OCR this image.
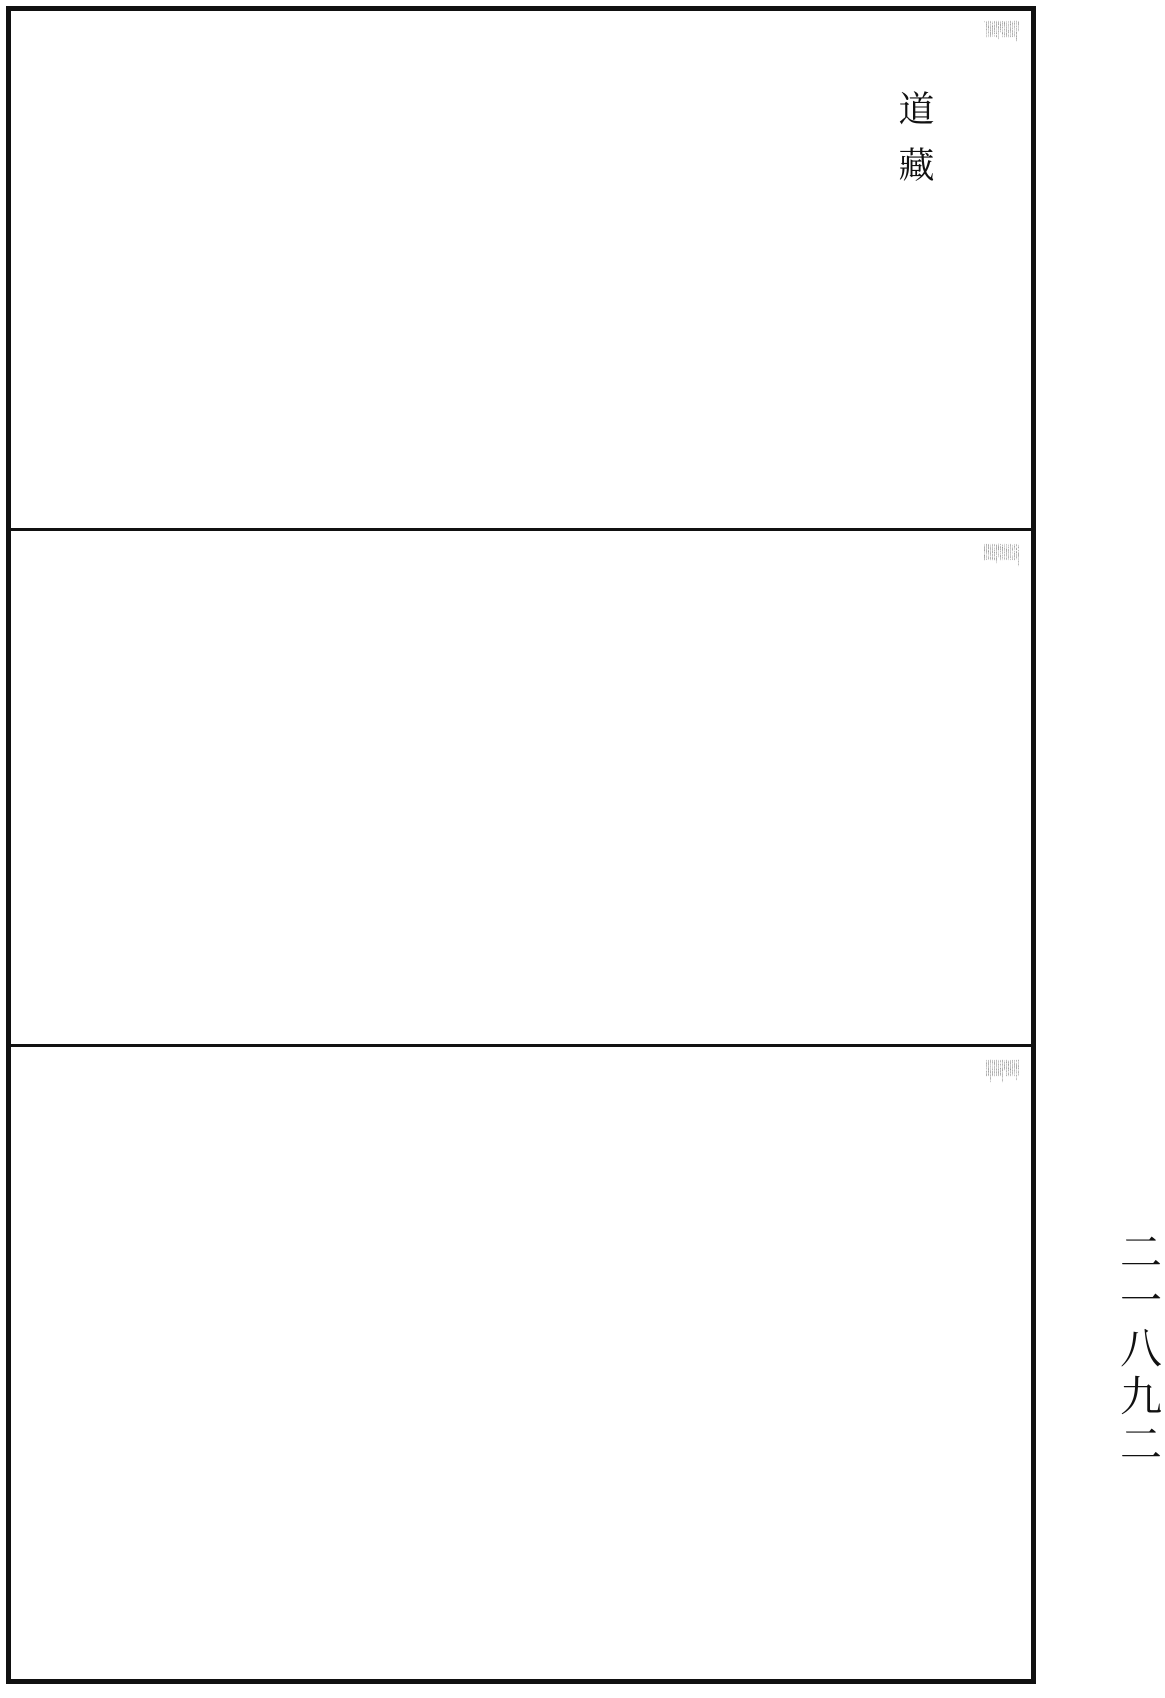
道藏
非遇真師口訣不可知也
驚起東方玉童子水府求玄倒騎白鹿如星馳坎取
驚起者薰烝也從下而上也東方者甲木
生火於寅位也玉童子者流意飛神也倒
騎者逆轉也白鹿者煉精化爲白炁也總
而言之凡作丹入室之時性君主内流意
沉下水府重蒸存中根候陽火漸熾舉動
上頭關挾從寅至已流戊土督進陽火迫
逐金精直透三關上入南宫補離中之陰
是成乾象則要如星馳之速
逡巡別轉一般樂出有入無也非笙兮也非角
逡巡者杜漸也從上而下也引轉一般樂
者此言六陽會乾陽無終極之理一陰生
于五陽之下繼此以往則當杜漸自午至
亥以巳土退陰符從金闕下鵲橋華池滂
滂沛沛入重樓絳宫直送至坤宫土釜而
止産箇明珠似月之圓非笙非角之可比
也
三尺雲璈十二徽三花聚鼎歷刦年中混元斵五炁朝元
此承上云別轉一般樂之意於此故云三
尺雲璈者乃言三般大藥歸鼎妙合凝真
一息工夫即奪回一年十二月造化丹經
所謂簇年歸月簇月歸日簇日歸時一時
之中只用二候運行週天符火採藥入室
以行内事混融煆煉結成聖胎乃曰歷刦
年中混元斵也度人經云中理五炁混合
百神十轉回靈萬炁齊仙了真子故曰大
藥三般精氣神天然子母互相親回風混
合歸真體煆鍊工夫日日新是也
玉韻琅琅絕鄭音天無四知一貫清偏貫達人心
此承上云混元斵之義於此故云玉韻琅
琅者乃得其真火煆煉之功脫去其舊染
之汙是得神和而氣和如舜韶之純翕從
此絕其鄭聲之淫覺吾身中土皆作碧玉
無有異色自然徧貫達於人心也度人經
云金真朗郁流響雲營玉音攝氣靈風聚
煙是也若非真傳實踐工夫知如是妙乎
我從一得鬼神輔無魔干犯入地上天超古今由我
此言丹道圓成變化自在則宇宙在乎我
萬化歸乎身到此地位陰陽由我運五行
由我役風雨由我召雷霆由我呼是以現
大身徧微塵藏小身載須彌于是鬼神莫
測其機自得束首侍衛入其地上其天超
古今總在我應化無窮也
縱横自在無拘束不被形縛心不貪榮身不辱内外俱忘
此承上云超古今之義於斯故云縱横自
在者乃言唯道爲身不隨世變倒用横拈
變化由我豈有拘束也富貴榮華到此時
盡底掀翻豈心再有貪榮而身有辱也比
箇活路若非大丈夫決烈手段焉能致此
閑唱壺中白雪歌大道中虛靜調世外陽春曲超出三界
此言閑唱者自得其真樂也則吾身别有
壺天景致常有漫天白雪之飛清清朗朗
二一八九二
